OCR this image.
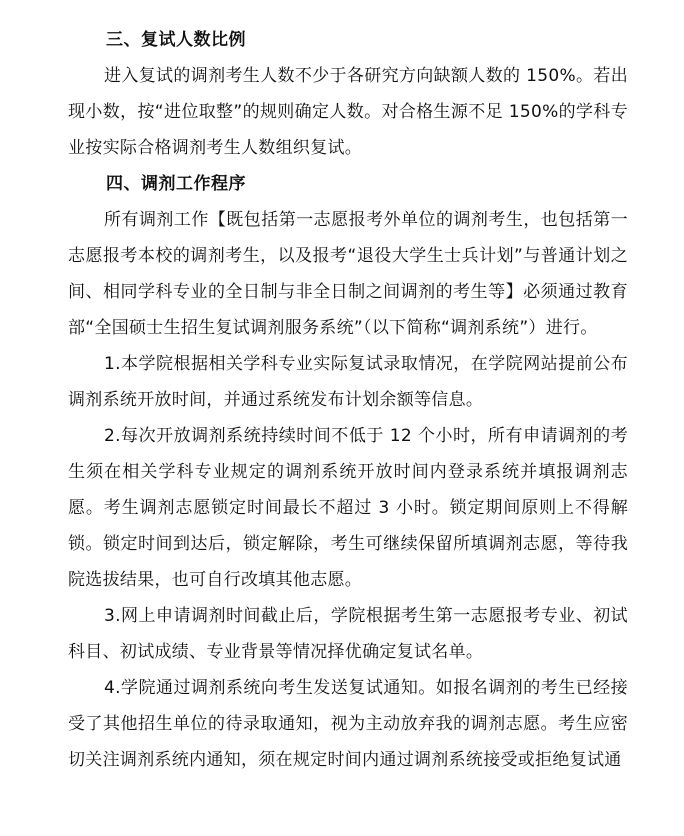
三、复试人数比例

进入复试的调剂考生人数不少于各研究方向缺额人数的 150%。若出现小数，按“进位取整”的规则确定人数。对合格生源不足 150%的学科专业按实际合格调剂考生人数组织复试。

四、调剂工作程序

所有调剂工作【既包括第一志愿报考外单位的调剂考生，也包括第一志愿报考本校的调剂考生，以及报考“退役大学生士兵计划”与普通计划之间、相同学科专业的全日制与非全日制之间调剂的考生等】必须通过教育部“全国硕士生招生复试调剂服务系统”（以下简称“调剂系统”）进行。

1.本学院根据相关学科专业实际复试录取情况，在学院网站提前公布调剂系统开放时间，并通过系统发布计划余额等信息。

2.每次开放调剂系统持续时间不低于 12 个小时，所有申请调剂的考生须在相关学科专业规定的调剂系统开放时间内登录系统并填报调剂志愿。考生调剂志愿锁定时间最长不超过 3 小时。锁定期间原则上不得解锁。锁定时间到达后，锁定解除，考生可继续保留所填调剂志愿，等待我院选拔结果，也可自行改填其他志愿。

3.网上申请调剂时间截止后，学院根据考生第一志愿报考专业、初试科目、初试成绩、专业背景等情况择优确定复试名单。

4.学院通过调剂系统向考生发送复试通知。如报名调剂的考生已经接受了其他招生单位的待录取通知，视为主动放弃我的调剂志愿。考生应密切关注调剂系统内通知，须在规定时间内通过调剂系统接受或拒绝复试通
